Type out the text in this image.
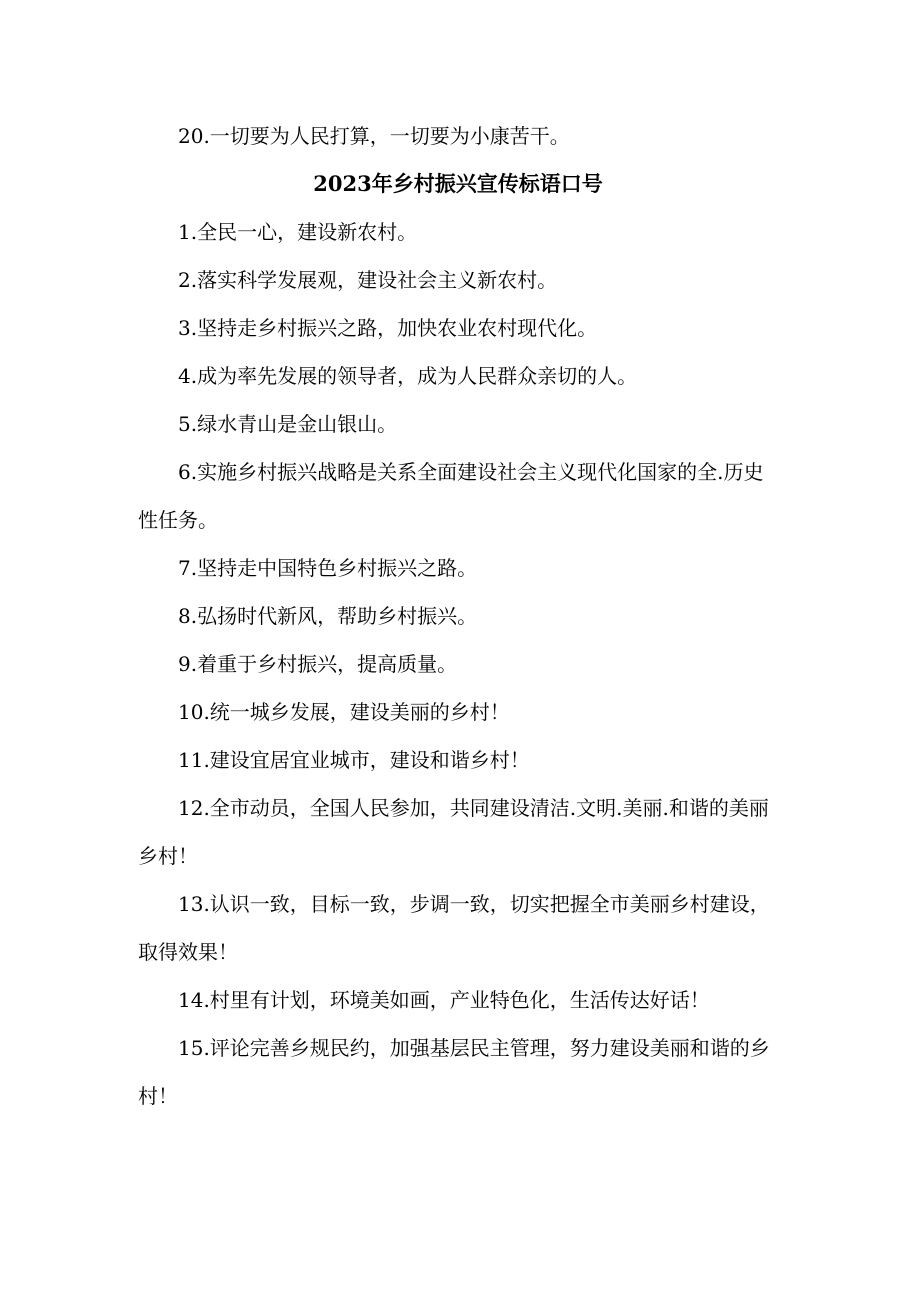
20.一切要为人民打算，一切要为小康苦干。

2023年乡村振兴宣传标语口号

1.全民一心，建设新农村。

2.落实科学发展观，建设社会主义新农村。

3.坚持走乡村振兴之路，加快农业农村现代化。

4.成为率先发展的领导者，成为人民群众亲切的人。

5.绿水青山是金山银山。

6.实施乡村振兴战略是关系全面建设社会主义现代化国家的全.历史性任务。

7.坚持走中国特色乡村振兴之路。

8.弘扬时代新风，帮助乡村振兴。

9.着重于乡村振兴，提高质量。

10.统一城乡发展，建设美丽的乡村！

11.建设宜居宜业城市，建设和谐乡村！

12.全市动员，全国人民参加，共同建设清洁.文明.美丽.和谐的美丽乡村！

13.认识一致，目标一致，步调一致，切实把握全市美丽乡村建设，取得效果！

14.村里有计划，环境美如画，产业特色化，生活传达好话！

15.评论完善乡规民约，加强基层民主管理，努力建设美丽和谐的乡村！
